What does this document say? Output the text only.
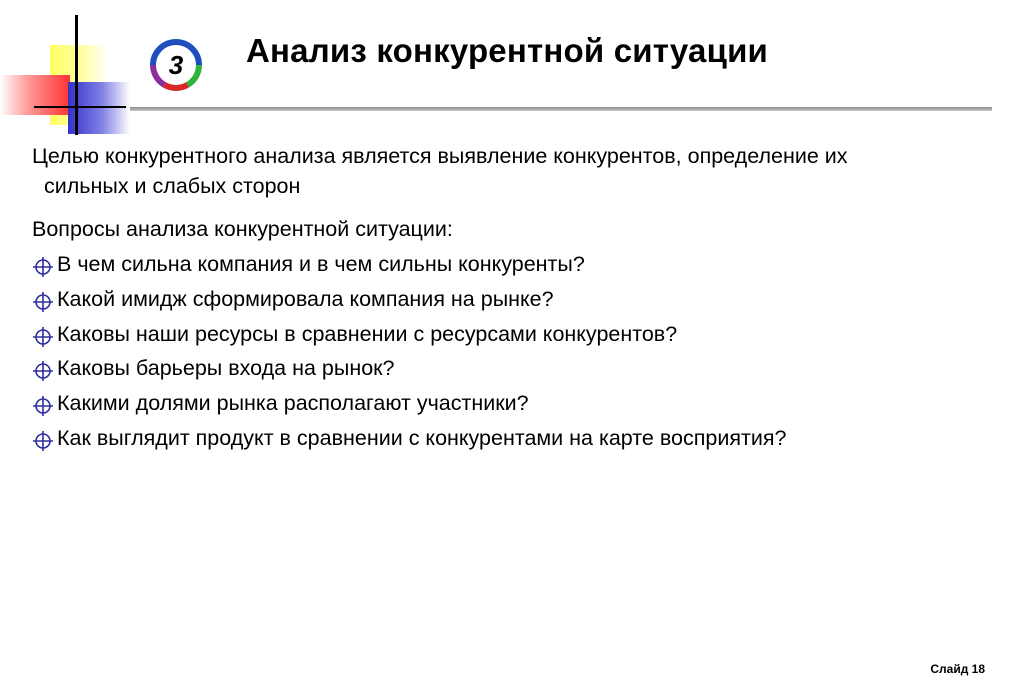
3 Анализ конкурентной ситуации
Целью конкурентного анализа является выявление конкурентов, определение их
сильных и слабых сторон
Вопросы анализа конкурентной ситуации:
В чем сильна компания и в чем сильны конкуренты?
Какой имидж сформировала компания на рынке?
Каковы наши ресурсы в сравнении с ресурсами конкурентов?
Каковы барьеры входа на рынок?
Какими долями рынка располагают участники?
Как выглядит продукт в сравнении с конкурентами на карте восприятия?
Слайд 18
